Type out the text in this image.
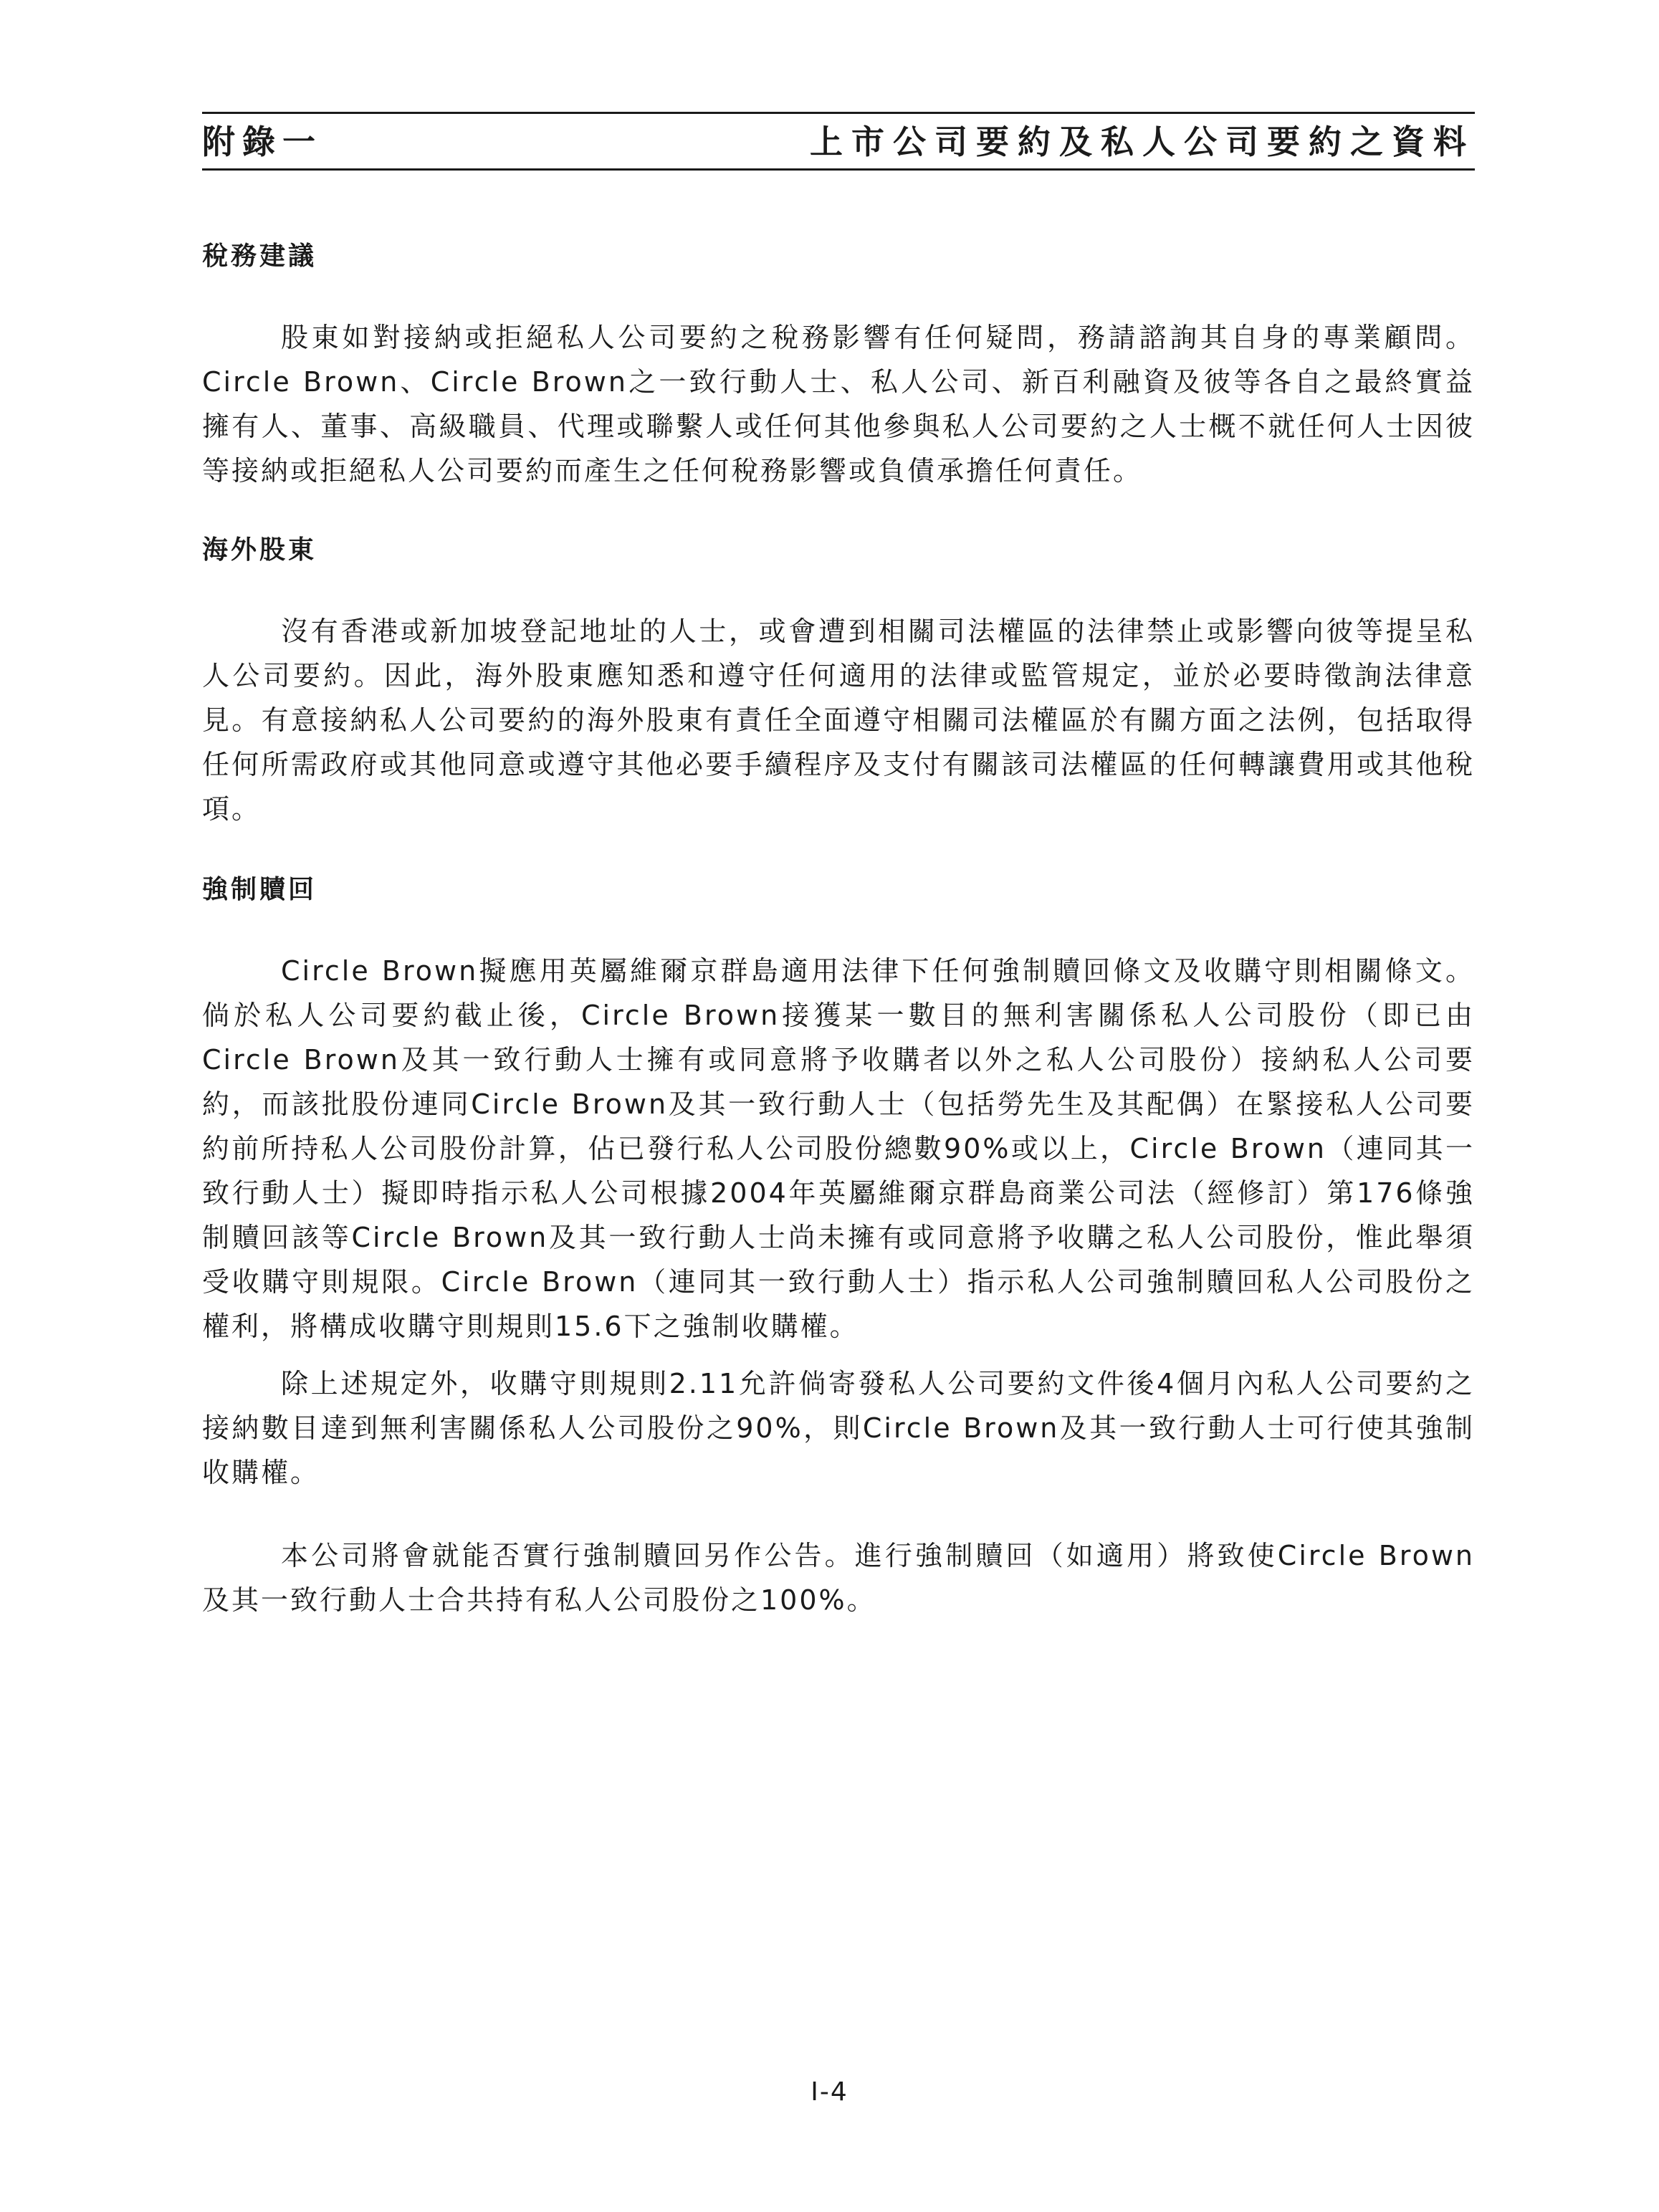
附錄一	上市公司要約及私人公司要約之資料
稅務建議

股東如對接納或拒絕私人公司要約之稅務影響有任何疑問，務請諮詢其自身的專業顧問。Circle Brown、Circle Brown之一致行動人士、私人公司、新百利融資及彼等各自之最終實益擁有人、董事、高級職員、代理或聯繫人或任何其他參與私人公司要約之人士概不就任何人士因彼等接納或拒絕私人公司要約而產生之任何稅務影響或負債承擔任何責任。

海外股東

沒有香港或新加坡登記地址的人士，或會遭到相關司法權區的法律禁止或影響向彼等提呈私人公司要約。因此，海外股東應知悉和遵守任何適用的法律或監管規定，並於必要時徵詢法律意見。有意接納私人公司要約的海外股東有責任全面遵守相關司法權區於有關方面之法例，包括取得任何所需政府或其他同意或遵守其他必要手續程序及支付有關該司法權區的任何轉讓費用或其他稅項。

強制贖回

Circle Brown擬應用英屬維爾京群島適用法律下任何強制贖回條文及收購守則相關條文。倘於私人公司要約截止後，Circle Brown接獲某一數目的無利害關係私人公司股份（即已由Circle Brown及其一致行動人士擁有或同意將予收購者以外之私人公司股份）接納私人公司要約，而該批股份連同Circle Brown及其一致行動人士（包括勞先生及其配偶）在緊接私人公司要約前所持私人公司股份計算，佔已發行私人公司股份總數90%或以上，Circle Brown（連同其一致行動人士）擬即時指示私人公司根據2004年英屬維爾京群島商業公司法（經修訂）第176條強制贖回該等Circle Brown及其一致行動人士尚未擁有或同意將予收購之私人公司股份，惟此舉須受收購守則規限。Circle Brown（連同其一致行動人士）指示私人公司強制贖回私人公司股份之權利，將構成收購守則規則15.6下之強制收購權。

除上述規定外，收購守則規則2.11允許倘寄發私人公司要約文件後4個月內私人公司要約之接納數目達到無利害關係私人公司股份之90%，則Circle Brown及其一致行動人士可行使其強制收購權。

本公司將會就能否實行強制贖回另作公告。進行強制贖回（如適用）將致使Circle Brown及其一致行動人士合共持有私人公司股份之100%。

I-4
